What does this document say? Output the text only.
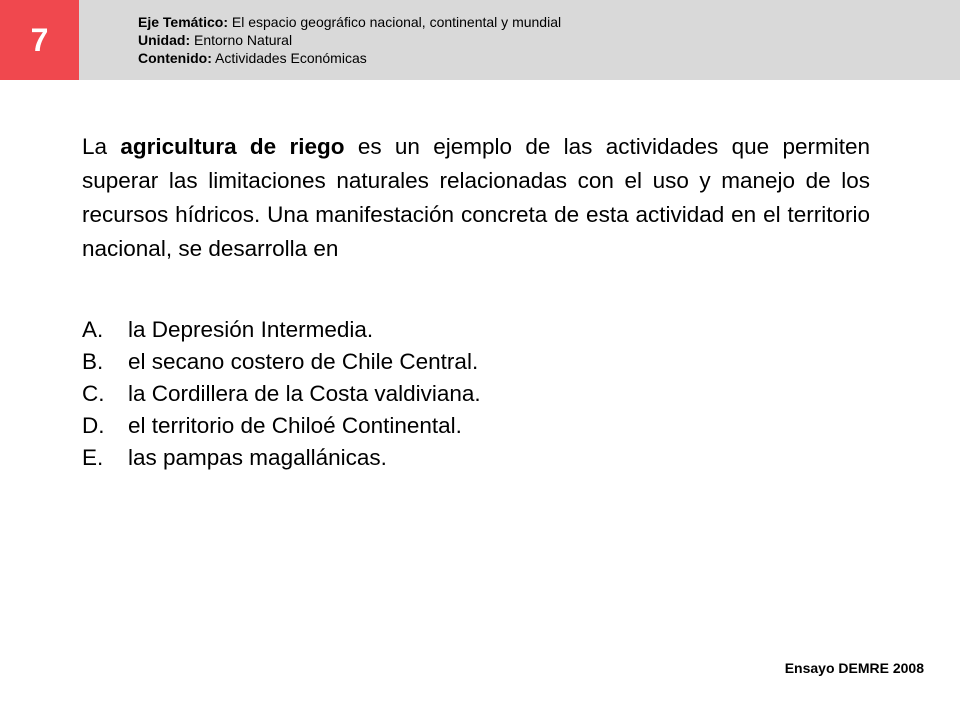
7	Eje Temático: El espacio geográfico nacional, continental y mundial
Unidad: Entorno Natural
Contenido: Actividades Económicas
La agricultura de riego es un ejemplo de las actividades que permiten superar las limitaciones naturales relacionadas con el uso y manejo de los recursos hídricos. Una manifestación concreta de esta actividad en el territorio nacional, se desarrolla en
A.	la Depresión Intermedia.
B.	el secano costero de Chile Central.
C.	la Cordillera de la Costa valdiviana.
D.	el territorio de Chiloé Continental.
E.	las pampas magallánicas.
Ensayo DEMRE 2008
